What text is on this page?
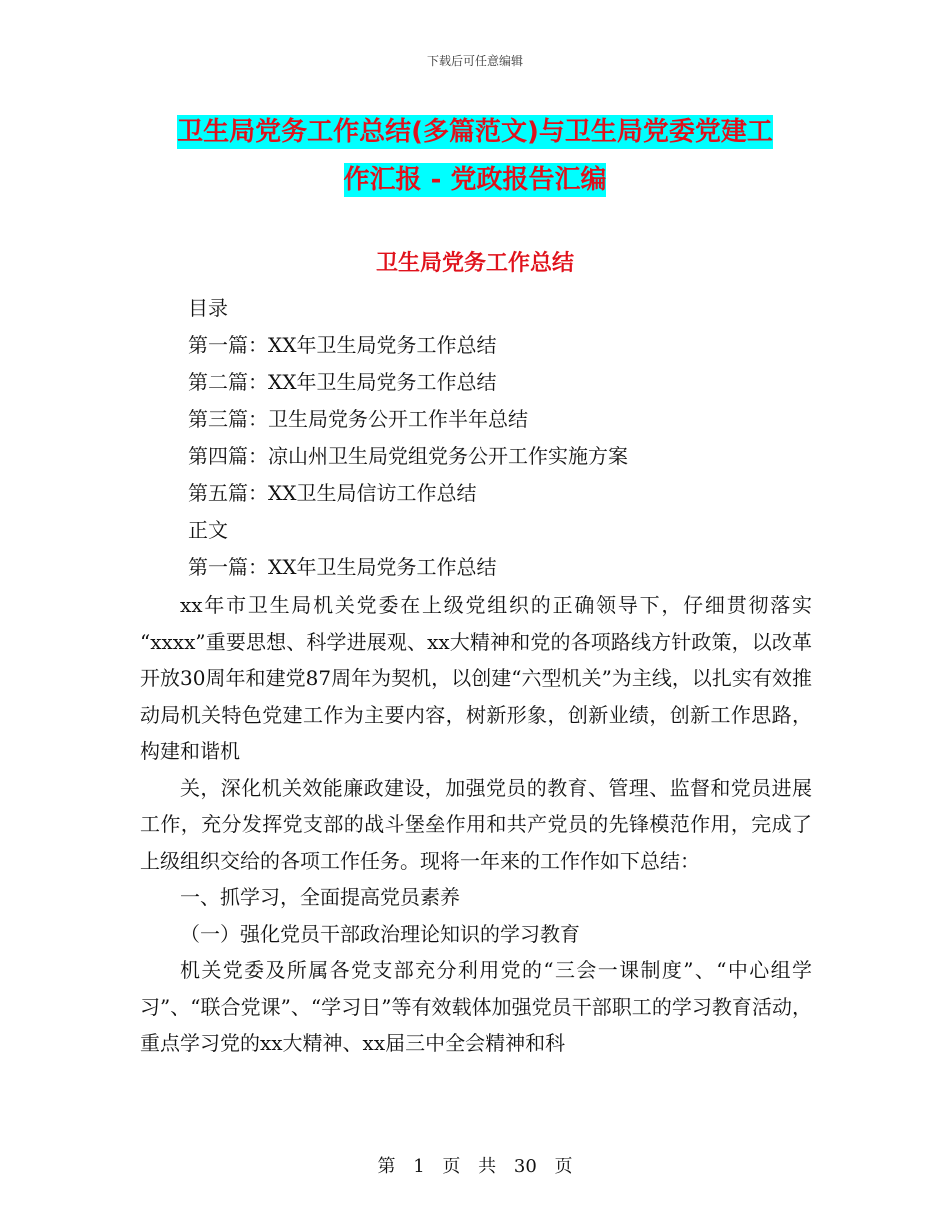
下载后可任意编辑
卫生局党务工作总结(多篇范文)与卫生局党委党建工
作汇报 - 党政报告汇编
卫生局党务工作总结
目录
第一篇：XX年卫生局党务工作总结
第二篇：XX年卫生局党务工作总结
第三篇：卫生局党务公开工作半年总结
第四篇：凉山州卫生局党组党务公开工作实施方案
第五篇：XX卫生局信访工作总结
正文
第一篇：XX年卫生局党务工作总结

xx年市卫生局机关党委在上级党组织的正确领导下，仔细贯彻落实 “xxxx”重要思想、科学进展观、xx大精神和党的各项路线方针政策，以改革开放30周年和建党87周年为契机，以创建“六型机关”为主线，以扎实有效推动局机关特色党建工作为主要内容，树新形象，创新业绩，创新工作思路，构建和谐机

关，深化机关效能廉政建设，加强党员的教育、管理、监督和党员进展工作，充分发挥党支部的战斗堡垒作用和共产党员的先锋模范作用，完成了上级组织交给的各项工作任务。现将一年来的工作作如下总结：

一、抓学习，全面提高党员素养

（一）强化党员干部政治理论知识的学习教育

机关党委及所属各党支部充分利用党的“三会一课制度”、“中心组学习”、“联合党课”、“学习日”等有效载体加强党员干部职工的学习教育活动，重点学习党的xx大精神、xx届三中全会精神和科

第 1 页 共 30 页
